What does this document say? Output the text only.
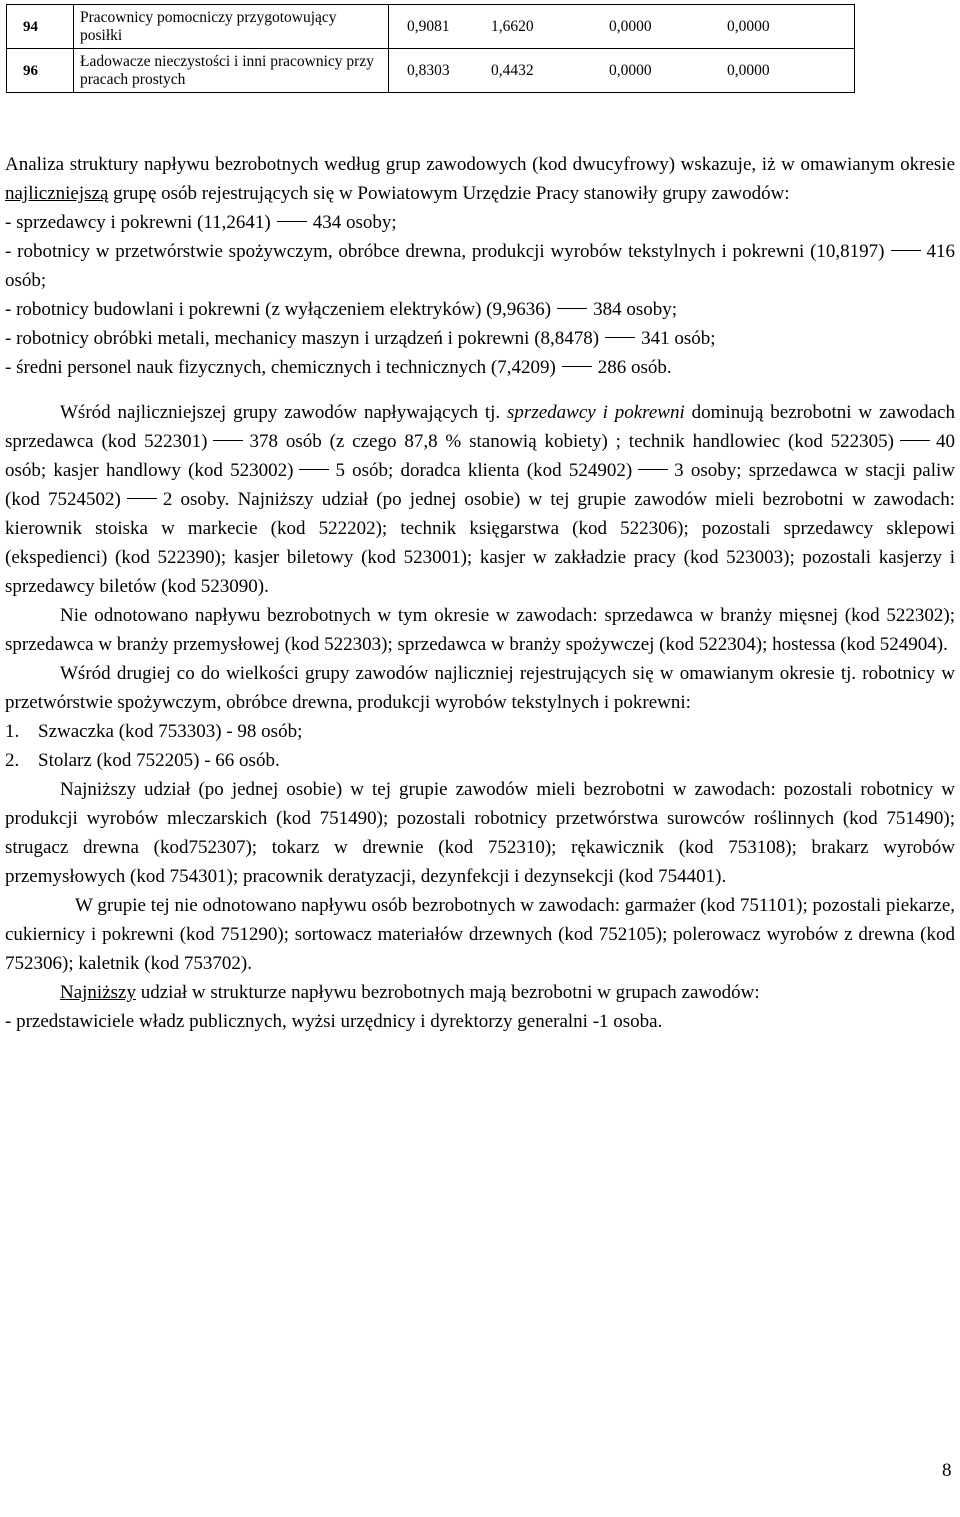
94	Pracownicy pomocniczy przygotowujący posiłki	0,9081 1,6620 0,0000 0,0000
96	Ładowacze nieczystości i inni pracownicy przy pracach prostych	0,8303 0,4432 0,0000 0,0000

Analiza struktury napływu bezrobotnych według grup zawodowych (kod dwucyfrowy) wskazuje, iż w omawianym okresie najliczniejszą grupę osób rejestrujących się w Powiatowym Urzędzie Pracy stanowiły grupy zawodów:

- sprzedawcy i pokrewni (11,2641) 434 osoby;

- robotnicy w przetwórstwie spożywczym, obróbce drewna, produkcji wyrobów tekstylnych i pokrewni (10,8197) 416 osób;

- robotnicy budowlani i pokrewni (z wyłączeniem elektryków) (9,9636) 384 osoby;

- robotnicy obróbki metali, mechanicy maszyn i urządzeń i pokrewni (8,8478) 341 osób;

- średni personel nauk fizycznych, chemicznych i technicznych (7,4209) 286 osób.

Wśród najliczniejszej grupy zawodów napływających tj. sprzedawcy i pokrewni dominują bezrobotni w zawodach sprzedawca (kod 522301) 378 osób (z czego 87,8 % stanowią kobiety) ; technik handlowiec (kod 522305) 40 osób; kasjer handlowy (kod 523002) 5 osób; doradca klienta (kod 524902) 3 osoby; sprzedawca w stacji paliw (kod 7524502) 2 osoby. Najniższy udział (po jednej osobie) w tej grupie zawodów mieli bezrobotni w zawodach: kierownik stoiska w markecie (kod 522202); technik księgarstwa (kod 522306); pozostali sprzedawcy sklepowi (ekspedienci) (kod 522390); kasjer biletowy (kod 523001); kasjer w zakładzie pracy (kod 523003); pozostali kasjerzy i sprzedawcy biletów (kod 523090).

Nie odnotowano napływu bezrobotnych w tym okresie w zawodach: sprzedawca w branży mięsnej (kod 522302); sprzedawca w branży przemysłowej (kod 522303); sprzedawca w branży spożywczej (kod 522304); hostessa (kod 524904).

Wśród drugiej co do wielkości grupy zawodów najliczniej rejestrujących się w omawianym okresie tj. robotnicy w przetwórstwie spożywczym, obróbce drewna, produkcji wyrobów tekstylnych i pokrewni:

1. Szwaczka (kod 753303) - 98 osób;
2. Stolarz (kod 752205) - 66 osób.

Najniższy udział (po jednej osobie) w tej grupie zawodów mieli bezrobotni w zawodach: pozostali robotnicy w produkcji wyrobów mleczarskich (kod 751490); pozostali robotnicy przetwórstwa surowców roślinnych (kod 751490); strugacz drewna (kod752307); tokarz w drewnie (kod 752310); rękawicznik (kod 753108); brakarz wyrobów przemysłowych (kod 754301); pracownik deratyzacji, dezynfekcji i dezynsekcji (kod 754401).

W grupie tej nie odnotowano napływu osób bezrobotnych w zawodach: garmażer (kod 751101); pozostali piekarze, cukiernicy i pokrewni (kod 751290); sortowacz materiałów drzewnych (kod 752105); polerowacz wyrobów z drewna (kod 752306); kaletnik (kod 753702).

Najniższy udział w strukturze napływu bezrobotnych mają bezrobotni w grupach zawodów:

- przedstawiciele władz publicznych, wyżsi urzędnicy i dyrektorzy generalni -1 osoba.

8
